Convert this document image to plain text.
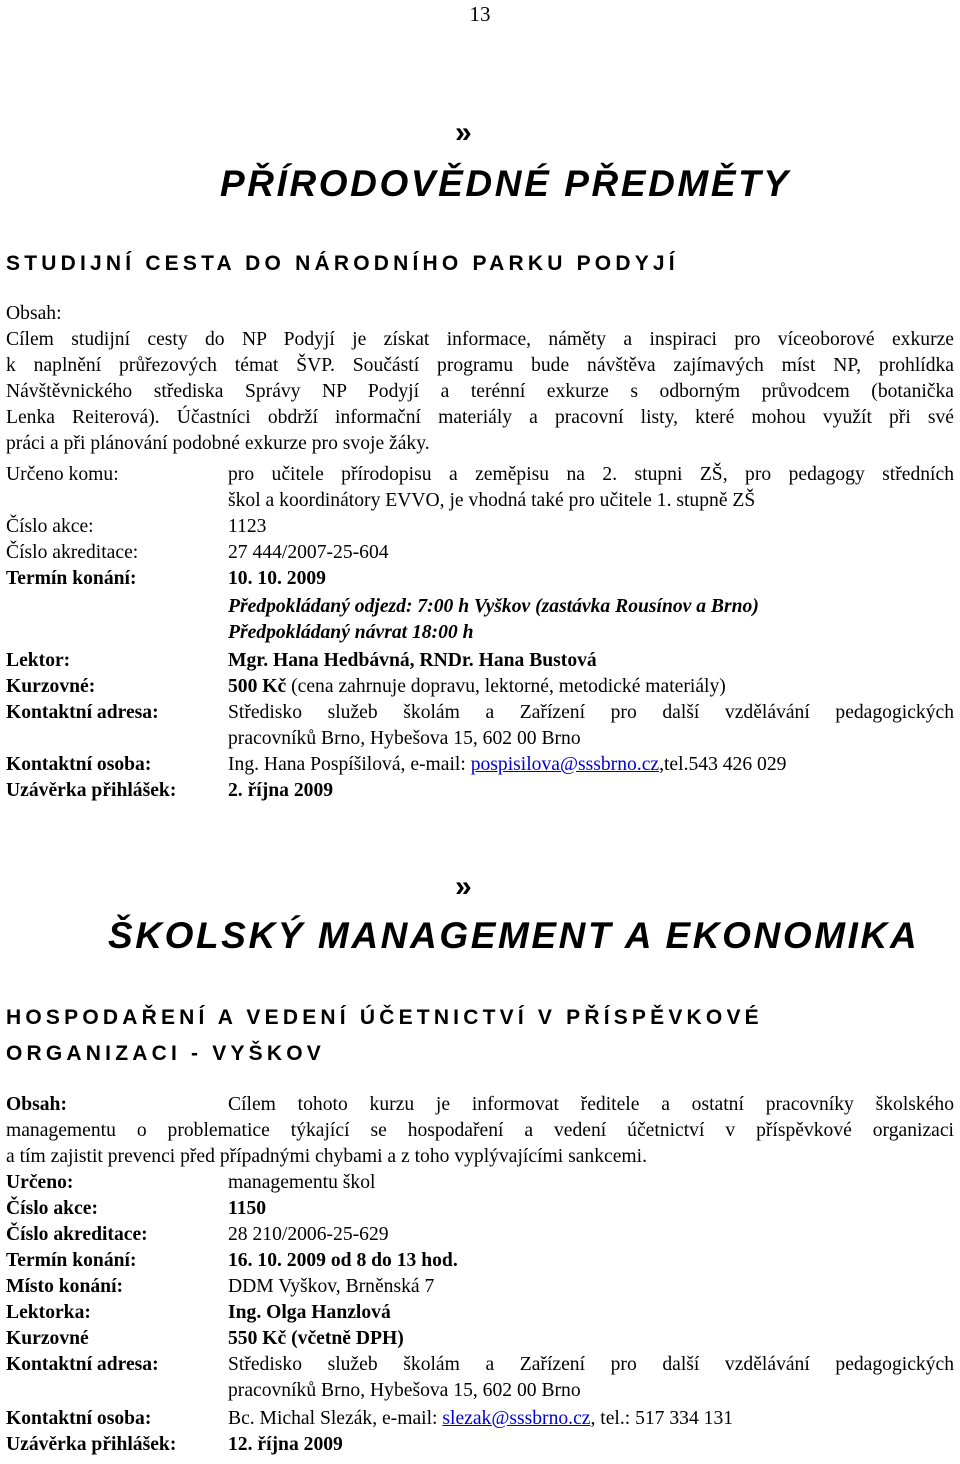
13
»
PŘÍRODOVĚDNÉ PŘEDMĚTY
STUDIJNÍ CESTA DO NÁRODNÍHO PARKU PODYJÍ
Obsah:
Cílem studijní cesty do NP Podyjí je získat informace, náměty a inspiraci pro víceoborové exkurze
k naplnění průřezových témat ŠVP. Součástí programu bude návštěva zajímavých míst NP, prohlídka
Návštěvnického střediska Správy NP Podyjí a terénní exkurze s odborným průvodcem (botanička
Lenka Reiterová). Účastníci obdrží informační materiály a pracovní listy, které mohou využít při své
práci a při plánování podobné exkurze pro svoje žáky.
Určeno komu:	pro učitele přírodopisu a zeměpisu na 2. stupni ZŠ, pro pedagogy středních
škol a koordinátory EVVO, je vhodná také pro učitele 1. stupně ZŠ
Číslo akce:	1123
Číslo akreditace:	27 444/2007-25-604
Termín konání:	10. 10. 2009
Předpokládaný odjezd: 7:00 h Vyškov (zastávka Rousínov a Brno)
Předpokládaný návrat 18:00 h
Lektor:	Mgr. Hana Hedbávná, RNDr. Hana Bustová
Kurzovné:	500 Kč (cena zahrnuje dopravu, lektorné, metodické materiály)
Kontaktní adresa:	Středisko služeb školám a Zařízení pro další vzdělávání pedagogických
pracovníků Brno, Hybešova 15, 602 00 Brno
Kontaktní osoba:	Ing. Hana Pospíšilová, e-mail: pospisilova@sssbrno.cz,tel.543 426 029
Uzávěrka přihlášek:	2. října 2009
»
ŠKOLSKÝ MANAGEMENT A EKONOMIKA
HOSPODAŘENÍ A VEDENÍ ÚČETNICTVÍ V PŘÍSPĚVKOVÉ
ORGANIZACI - VYŠKOV
Obsah:	Cílem tohoto kurzu je informovat ředitele a ostatní pracovníky školského
managementu o problematice týkající se hospodaření a vedení účetnictví v příspěvkové organizaci
a tím zajistit prevenci před případnými chybami a z toho vyplývajícími sankcemi.
Určeno:	managementu škol
Číslo akce:	1150
Číslo akreditace:	28 210/2006-25-629
Termín konání:	16. 10. 2009 od 8 do 13 hod.
Místo konání:	DDM Vyškov, Brněnská 7
Lektorka:	Ing. Olga Hanzlová
Kurzovné	550 Kč (včetně DPH)
Kontaktní adresa:	Středisko služeb školám a Zařízení pro další vzdělávání pedagogických
pracovníků Brno, Hybešova 15, 602 00 Brno
Kontaktní osoba:	Bc. Michal Slezák, e-mail: slezak@sssbrno.cz, tel.: 517 334 131
Uzávěrka přihlášek:	12. října 2009
